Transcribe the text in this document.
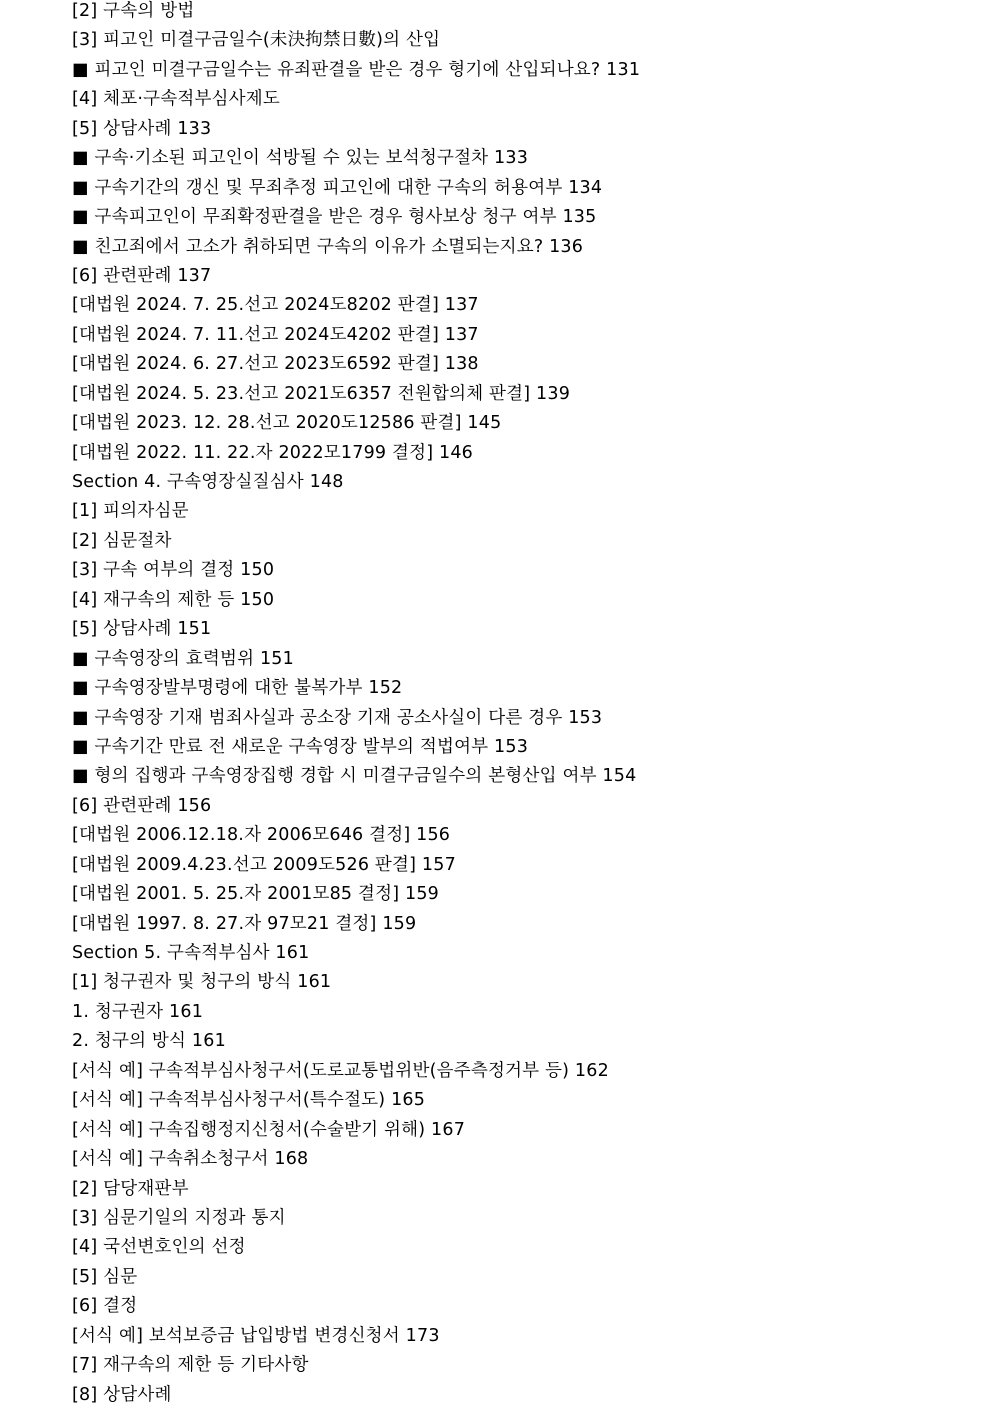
[2] 구속의 방법
[3] 피고인 미결구금일수(未決拘禁日數)의 산입
■ 피고인 미결구금일수는 유죄판결을 받은 경우 형기에 산입되나요? 131
[4] 체포·구속적부심사제도
[5] 상담사례 133
■ 구속·기소된 피고인이 석방될 수 있는 보석청구절차 133
■ 구속기간의 갱신 및 무죄추정 피고인에 대한 구속의 허용여부 134
■ 구속피고인이 무죄확정판결을 받은 경우 형사보상 청구 여부 135
■ 친고죄에서 고소가 취하되면 구속의 이유가 소멸되는지요? 136
[6] 관련판례 137
[대법원 2024. 7. 25.선고 2024도8202 판결] 137
[대법원 2024. 7. 11.선고 2024도4202 판결] 137
[대법원 2024. 6. 27.선고 2023도6592 판결] 138
[대법원 2024. 5. 23.선고 2021도6357 전원합의체 판결] 139
[대법원 2023. 12. 28.선고 2020도12586 판결] 145
[대법원 2022. 11. 22.자 2022모1799 결정] 146
Section 4. 구속영장실질심사 148
[1] 피의자심문
[2] 심문절차
[3] 구속 여부의 결정 150
[4] 재구속의 제한 등 150
[5] 상담사례 151
■ 구속영장의 효력범위 151
■ 구속영장발부명령에 대한 불복가부 152
■ 구속영장 기재 범죄사실과 공소장 기재 공소사실이 다른 경우 153
■ 구속기간 만료 전 새로운 구속영장 발부의 적법여부 153
■ 형의 집행과 구속영장집행 경합 시 미결구금일수의 본형산입 여부 154
[6] 관련판례 156
[대법원 2006.12.18.자 2006모646 결정] 156
[대법원 2009.4.23.선고 2009도526 판결] 157
[대법원 2001. 5. 25.자 2001모85 결정] 159
[대법원 1997. 8. 27.자 97모21 결정] 159
Section 5. 구속적부심사 161
[1] 청구권자 및 청구의 방식 161
1. 청구권자 161
2. 청구의 방식 161
[서식 예] 구속적부심사청구서(도로교통법위반(음주측정거부 등) 162
[서식 예] 구속적부심사청구서(특수절도) 165
[서식 예] 구속집행정지신청서(수술받기 위해) 167
[서식 예] 구속취소청구서 168
[2] 담당재판부
[3] 심문기일의 지정과 통지
[4] 국선변호인의 선정
[5] 심문
[6] 결정
[서식 예] 보석보증금 납입방법 변경신청서 173
[7] 재구속의 제한 등 기타사항
[8] 상담사례
